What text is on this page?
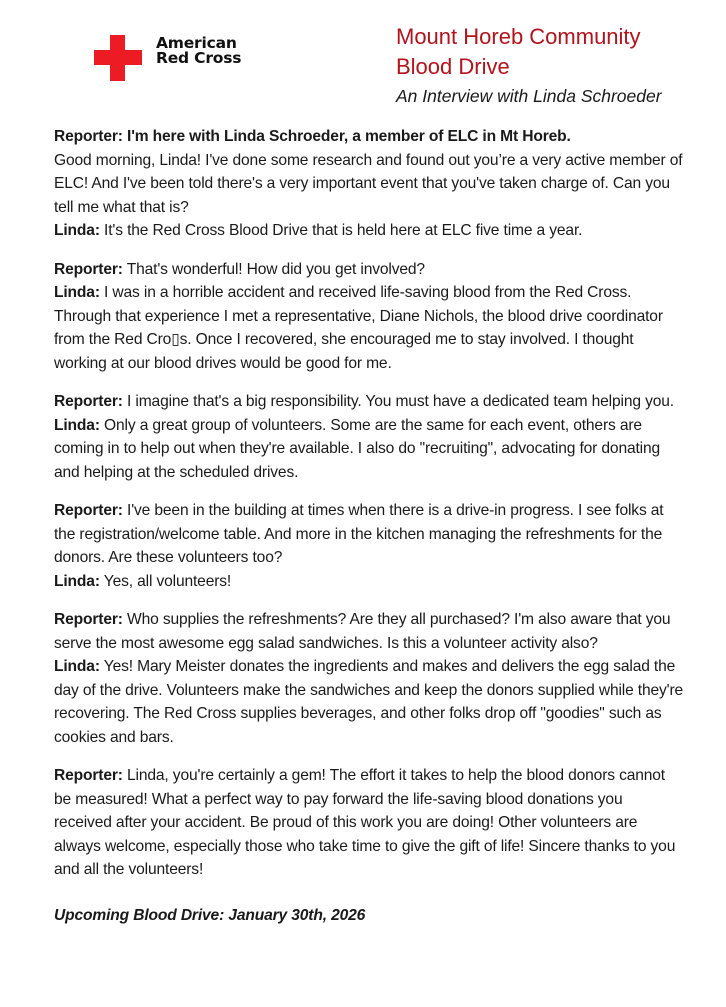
American
Red Cross
Mount Horeb Community
Blood Drive
An Interview with Linda Schroeder
Reporter: I'm here with Linda Schroeder, a member of ELC in Mt Horeb.
Good morning, Linda! I've done some research and found out you’re a very active member of ELC! And I've been told there's a very important event that you've taken charge of. Can you tell me what that is?
Linda: It's the Red Cross Blood Drive that is held here at ELC five time a year.
Reporter: That's wonderful! How did you get involved?
Linda: I was in a horrible accident and received life-saving blood from the Red Cross. Through that experience I met a representative, Diane Nichols, the blood drive coordinator from the Red Cro▯s. Once I recovered, she encouraged me to stay involved. I thought working at our blood drives would be good for me.
Reporter: I imagine that's a big responsibility. You must have a dedicated team helping you.
Linda: Only a great group of volunteers. Some are the same for each event, others are coming in to help out when they're available. I also do "recruiting", advocating for donating and helping at the scheduled drives.
Reporter: I've been in the building at times when there is a drive-in progress. I see folks at the registration/welcome table. And more in the kitchen managing the refreshments for the donors. Are these volunteers too?
Linda: Yes, all volunteers!
Reporter: Who supplies the refreshments? Are they all purchased? I'm also aware that you serve the most awesome egg salad sandwiches. Is this a volunteer activity also?
Linda: Yes! Mary Meister donates the ingredients and makes and delivers the egg salad the day of the drive. Volunteers make the sandwiches and keep the donors supplied while they're recovering. The Red Cross supplies beverages, and other folks drop off "goodies" such as cookies and bars.
Reporter: Linda, you're certainly a gem! The effort it takes to help the blood donors cannot be measured! What a perfect way to pay forward the life-saving blood donations you received after your accident. Be proud of this work you are doing! Other volunteers are always welcome, especially those who take time to give the gift of life! Sincere thanks to you and all the volunteers!
Upcoming Blood Drive: January 30th, 2026
